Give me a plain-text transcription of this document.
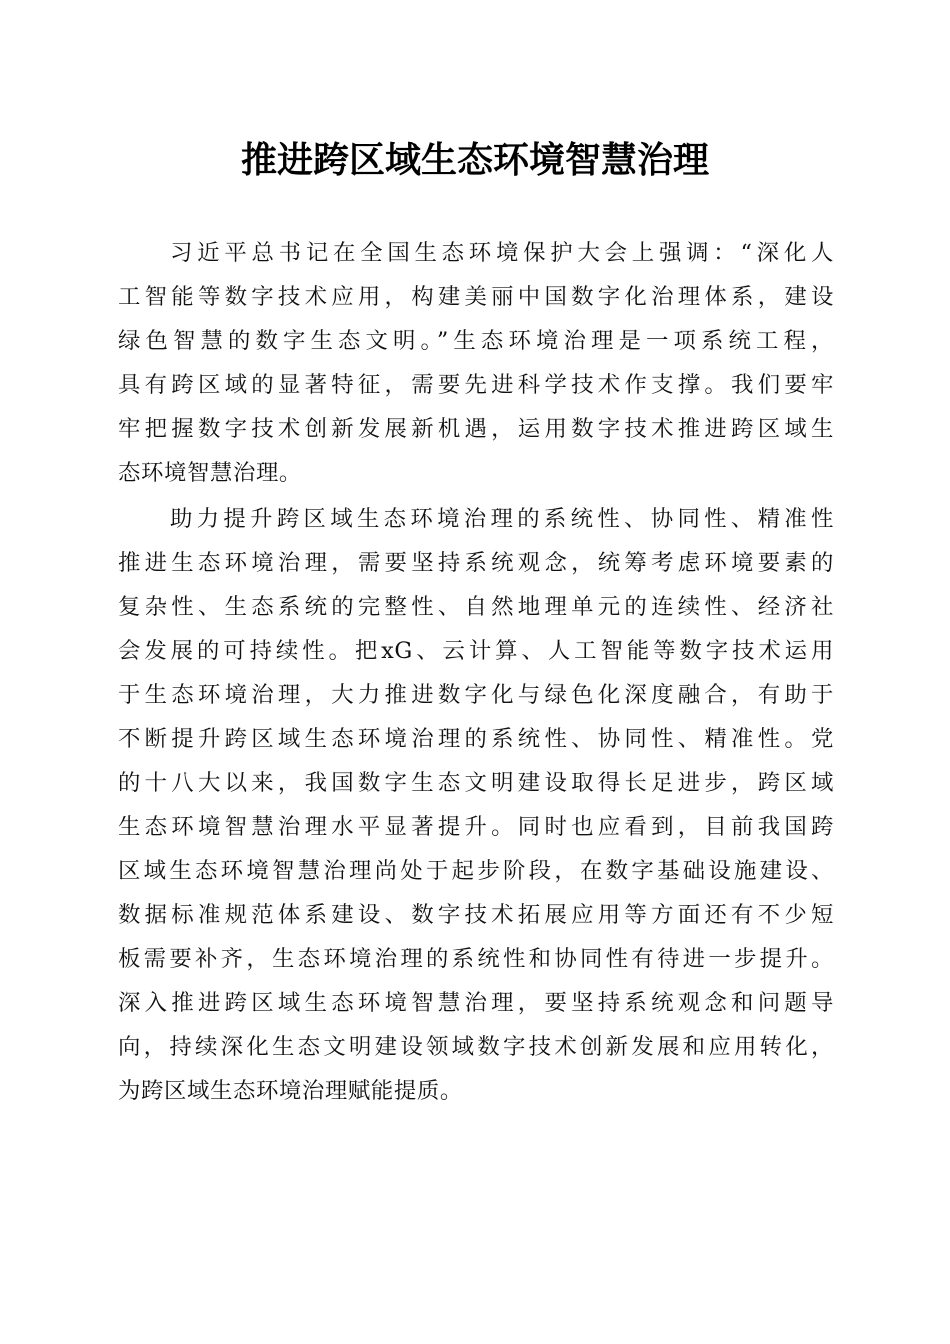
推进跨区域生态环境智慧治理

习近平总书记在全国生态环境保护大会上强调：“深化人

工智能等数字技术应用，构建美丽中国数字化治理体系，建设

绿色智慧的数字生态文明。”生态环境治理是一项系统工程，

具有跨区域的显著特征，需要先进科学技术作支撑。我们要牢

牢把握数字技术创新发展新机遇，运用数字技术推进跨区域生

态环境智慧治理。

助力提升跨区域生态环境治理的系统性、协同性、精准性

推进生态环境治理，需要坚持系统观念，统筹考虑环境要素的

复杂性、生态系统的完整性、自然地理单元的连续性、经济社

会发展的可持续性。把xG、云计算、人工智能等数字技术运用

于生态环境治理，大力推进数字化与绿色化深度融合，有助于

不断提升跨区域生态环境治理的系统性、协同性、精准性。党

的十八大以来，我国数字生态文明建设取得长足进步，跨区域

生态环境智慧治理水平显著提升。同时也应看到，目前我国跨

区域生态环境智慧治理尚处于起步阶段，在数字基础设施建设、

数据标准规范体系建设、数字技术拓展应用等方面还有不少短

板需要补齐，生态环境治理的系统性和协同性有待进一步提升。

深入推进跨区域生态环境智慧治理，要坚持系统观念和问题导

向，持续深化生态文明建设领域数字技术创新发展和应用转化，

为跨区域生态环境治理赋能提质。
